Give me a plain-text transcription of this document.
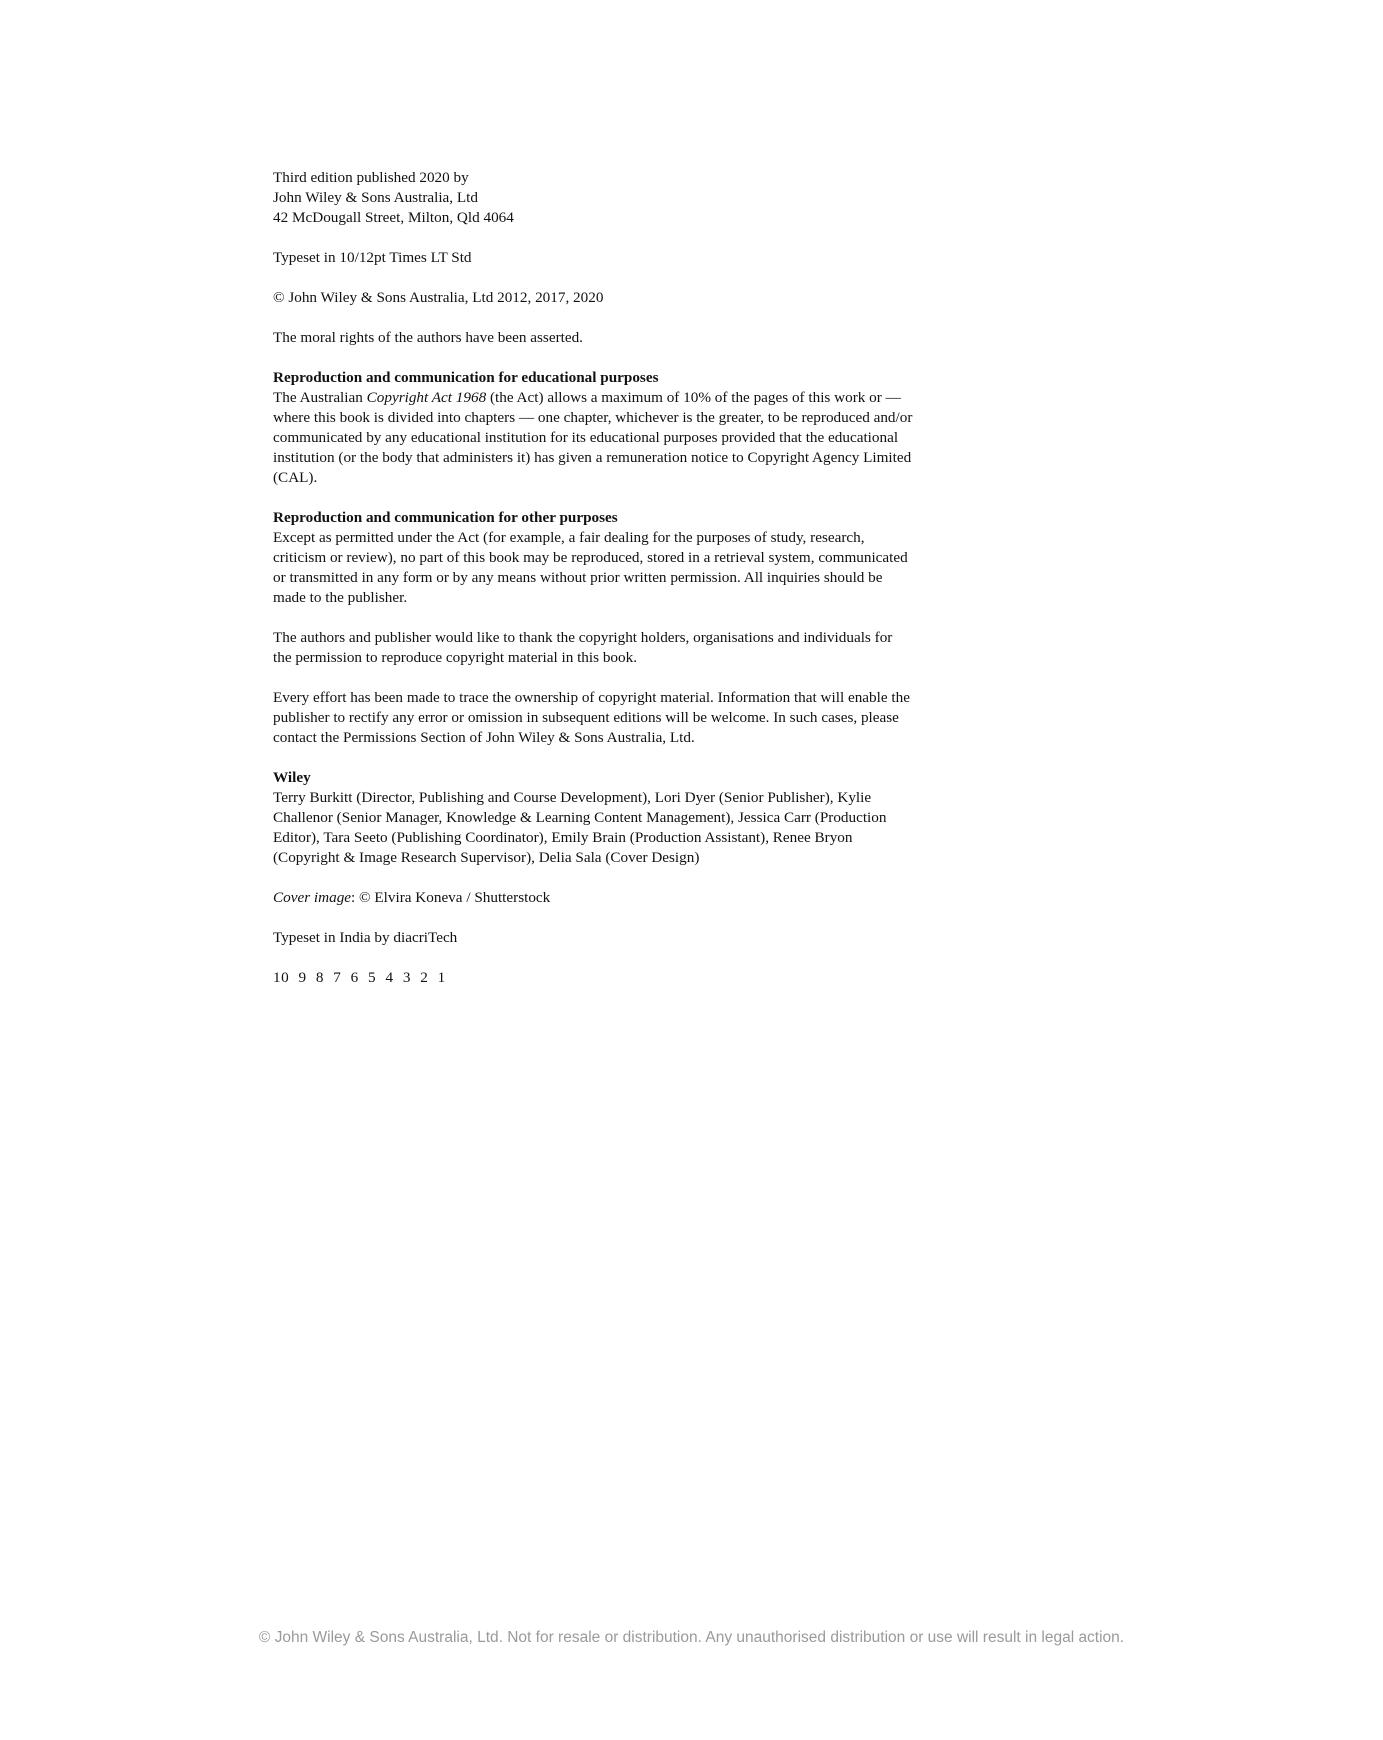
Third edition published 2020 by
John Wiley & Sons Australia, Ltd
42 McDougall Street, Milton, Qld 4064
Typeset in 10/12pt Times LT Std
© John Wiley & Sons Australia, Ltd 2012, 2017, 2020
The moral rights of the authors have been asserted.
Reproduction and communication for educational purposes
The Australian Copyright Act 1968 (the Act) allows a maximum of 10% of the pages of this work or — where this book is divided into chapters — one chapter, whichever is the greater, to be reproduced and/or communicated by any educational institution for its educational purposes provided that the educational institution (or the body that administers it) has given a remuneration notice to Copyright Agency Limited (CAL).
Reproduction and communication for other purposes
Except as permitted under the Act (for example, a fair dealing for the purposes of study, research, criticism or review), no part of this book may be reproduced, stored in a retrieval system, communicated or transmitted in any form or by any means without prior written permission. All inquiries should be made to the publisher.
The authors and publisher would like to thank the copyright holders, organisations and individuals for the permission to reproduce copyright material in this book.
Every effort has been made to trace the ownership of copyright material. Information that will enable the publisher to rectify any error or omission in subsequent editions will be welcome. In such cases, please contact the Permissions Section of John Wiley & Sons Australia, Ltd.
Wiley
Terry Burkitt (Director, Publishing and Course Development), Lori Dyer (Senior Publisher), Kylie Challenor (Senior Manager, Knowledge & Learning Content Management), Jessica Carr (Production Editor), Tara Seeto (Publishing Coordinator), Emily Brain (Production Assistant), Renee Bryon (Copyright & Image Research Supervisor), Delia Sala (Cover Design)
Cover image: © Elvira Koneva / Shutterstock
Typeset in India by diacriTech
10 9 8 7 6 5 4 3 2 1
© John Wiley & Sons Australia, Ltd. Not for resale or distribution. Any unauthorised distribution or use will result in legal action.
